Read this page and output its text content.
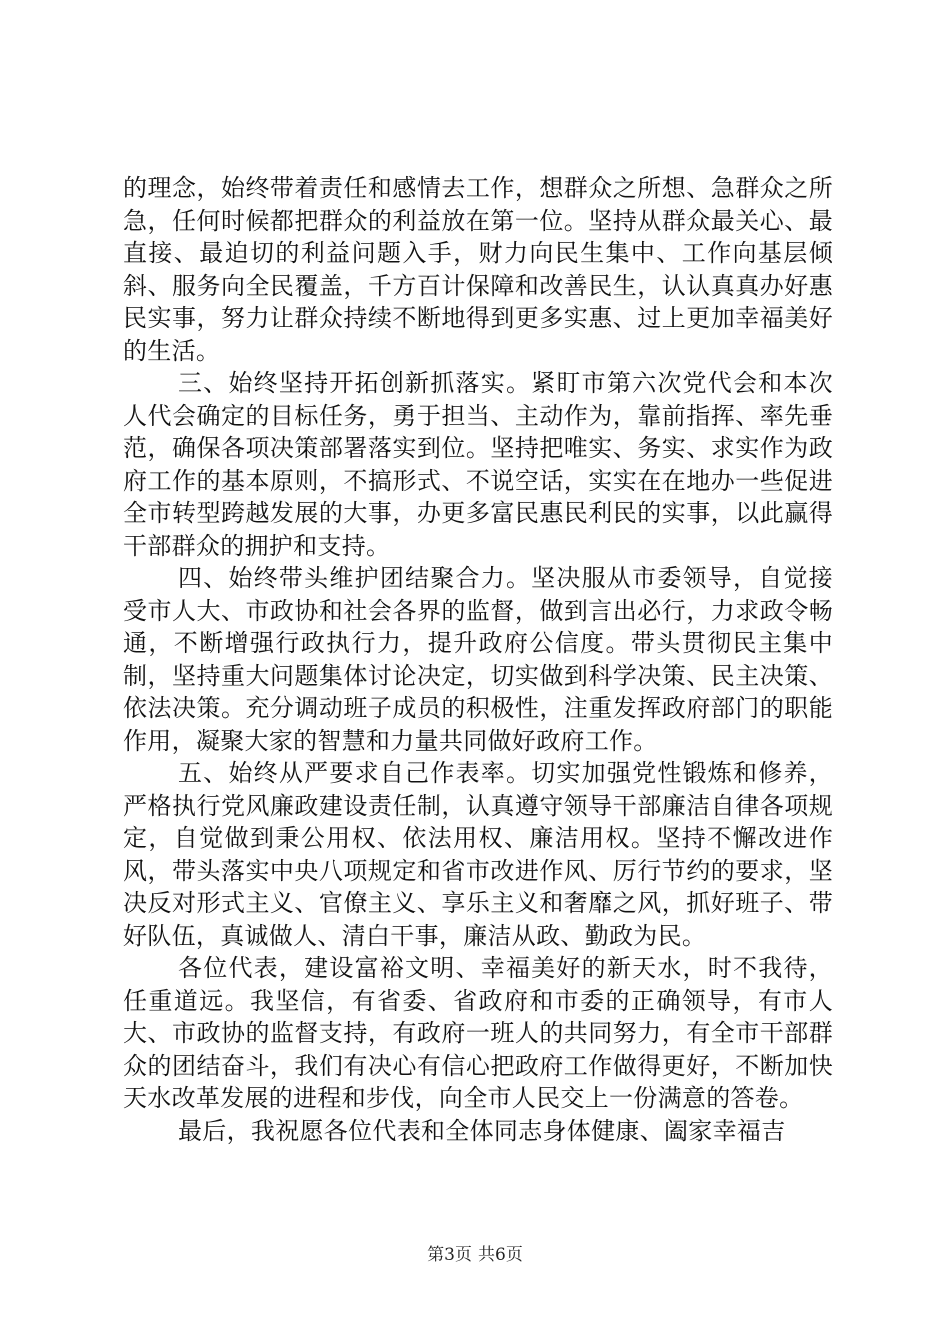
的理念，始终带着责任和感情去工作，想群众之所想、急群众之所急，任何时候都把群众的利益放在第一位。坚持从群众最关心、最直接、最迫切的利益问题入手，财力向民生集中、工作向基层倾斜、服务向全民覆盖，千方百计保障和改善民生，认认真真办好惠民实事，努力让群众持续不断地得到更多实惠、过上更加幸福美好的生活。

三、始终坚持开拓创新抓落实。紧盯市第六次党代会和本次人代会确定的目标任务，勇于担当、主动作为，靠前指挥、率先垂范，确保各项决策部署落实到位。坚持把唯实、务实、求实作为政府工作的基本原则，不搞形式、不说空话，实实在在地办一些促进全市转型跨越发展的大事，办更多富民惠民利民的实事，以此赢得干部群众的拥护和支持。

四、始终带头维护团结聚合力。坚决服从市委领导，自觉接受市人大、市政协和社会各界的监督，做到言出必行，力求政令畅通，不断增强行政执行力，提升政府公信度。带头贯彻民主集中制，坚持重大问题集体讨论决定，切实做到科学决策、民主决策、依法决策。充分调动班子成员的积极性，注重发挥政府部门的职能作用，凝聚大家的智慧和力量共同做好政府工作。

五、始终从严要求自己作表率。切实加强党性锻炼和修养，严格执行党风廉政建设责任制，认真遵守领导干部廉洁自律各项规定，自觉做到秉公用权、依法用权、廉洁用权。坚持不懈改进作风，带头落实中央八项规定和省市改进作风、厉行节约的要求，坚决反对形式主义、官僚主义、享乐主义和奢靡之风，抓好班子、带好队伍，真诚做人、清白干事，廉洁从政、勤政为民。

各位代表，建设富裕文明、幸福美好的新天水，时不我待，任重道远。我坚信，有省委、省政府和市委的正确领导，有市人大、市政协的监督支持，有政府一班人的共同努力，有全市干部群众的团结奋斗，我们有决心有信心把政府工作做得更好，不断加快天水改革发展的进程和步伐，向全市人民交上一份满意的答卷。

最后，我祝愿各位代表和全体同志身体健康、阖家幸福吉

第3页 共6页
